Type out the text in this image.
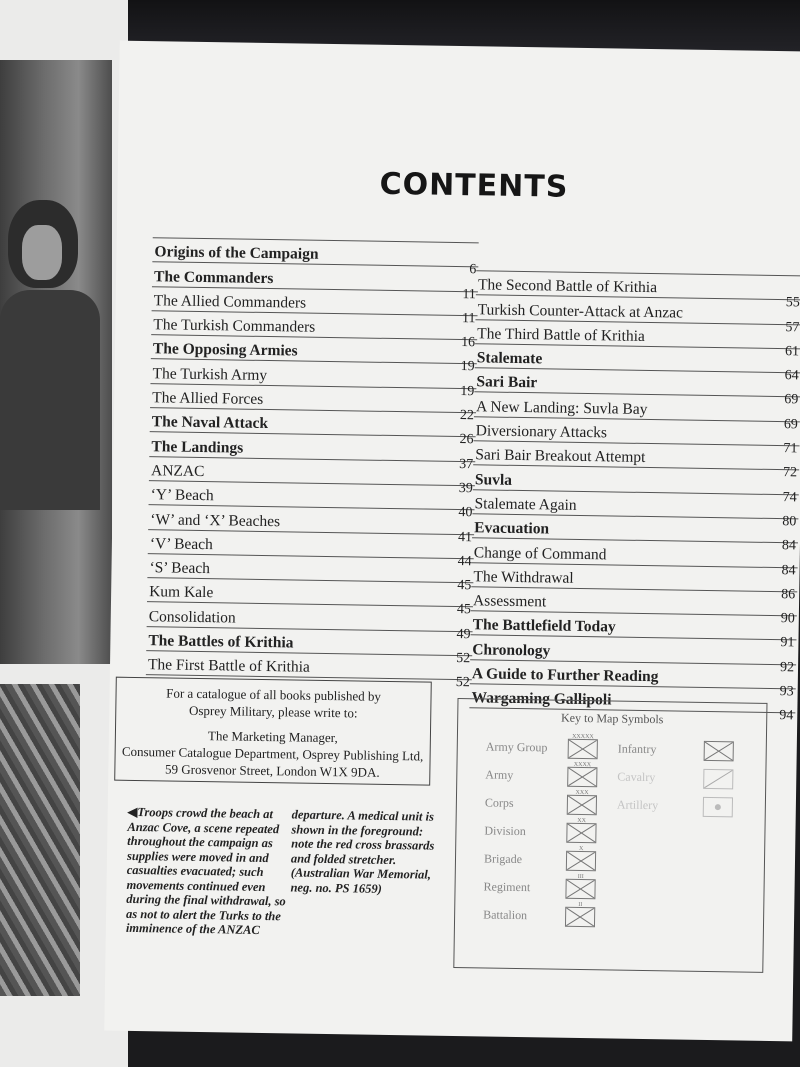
CONTENTS
Origins of the Campaign
6
The Commanders
11
The Allied Commanders
11
The Turkish Commanders
16
The Opposing Armies
19
The Turkish Army
19
The Allied Forces
22
The Naval Attack
26
The Landings
37
ANZAC
39
‘Y’ Beach
40
‘W’ and ‘X’ Beaches
41
‘V’ Beach
44
‘S’ Beach
45
Kum Kale
45
Consolidation
49
The Battles of Krithia
52
The First Battle of Krithia
52
The Second Battle of Krithia
55
Turkish Counter-Attack at Anzac
57
The Third Battle of Krithia
61
Stalemate
64
Sari Bair
69
A New Landing: Suvla Bay
69
Diversionary Attacks
71
Sari Bair Breakout Attempt
72
Suvla
74
Stalemate Again
80
Evacuation
84
Change of Command
84
The Withdrawal
86
Assessment
90
The Battlefield Today
91
Chronology
92
A Guide to Further Reading
93
Wargaming Gallipoli
94
For a catalogue of all books published by
Osprey Military, please write to:
The Marketing Manager,
Consumer Catalogue Department, Osprey Publishing Ltd,
59 Grosvenor Street, London W1X 9DA.
◀Troops crowd the beach at Anzac Cove, a scene repeated throughout the campaign as supplies were moved in and casualties evacuated; such movements continued even during the final withdrawal, so as not to alert the Turks to the imminence of the ANZAC
departure. A medical unit is shown in the foreground: note the red cross brassards and folded stretcher. (Australian War Memorial, neg. no. PS 1659)
Key to Map Symbols
Army Group
XXXXX
Army
XXXX
Corps
XXX
Division
XX
Brigade
X
Regiment
III
Battalion
II
Infantry
Cavalry
Artillery
